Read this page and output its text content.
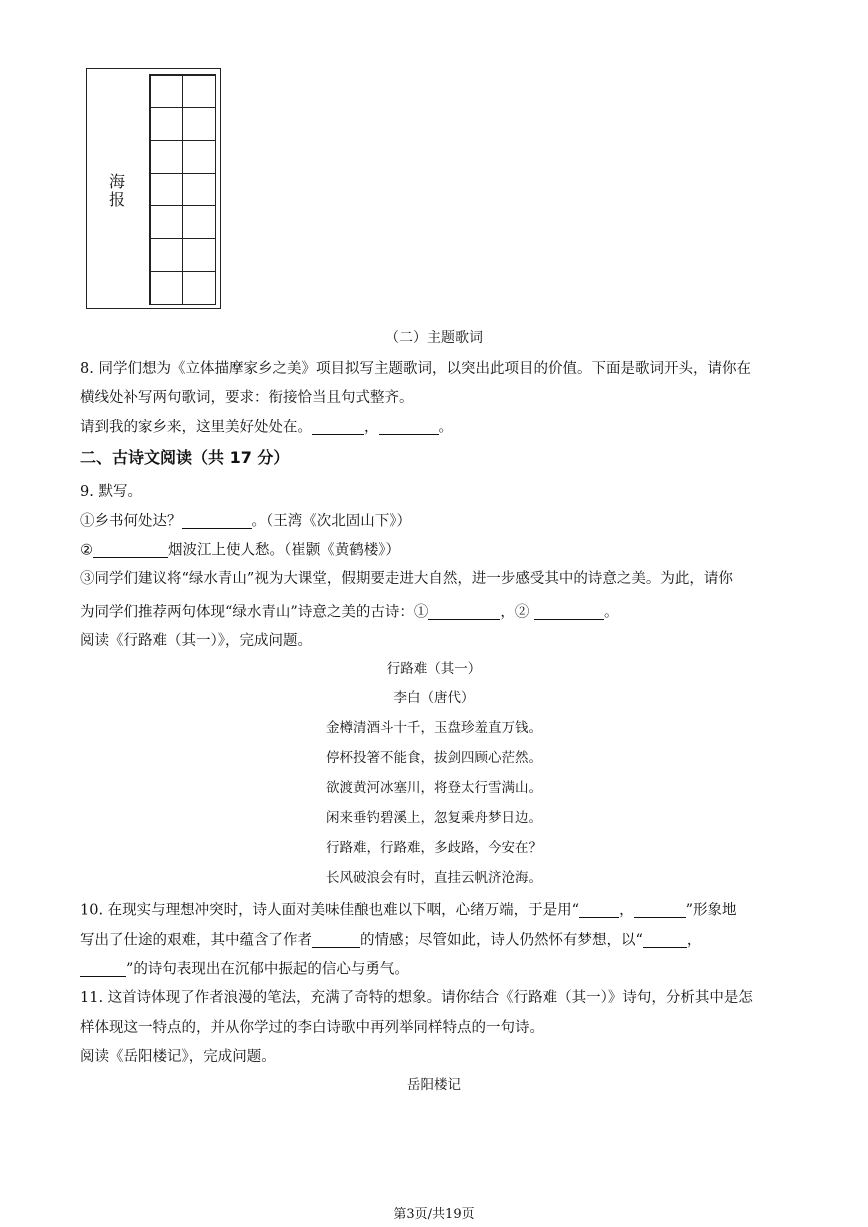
海
报
（二）主题歌词
8. 同学们想为《立体描摩家乡之美》项目拟写主题歌词，以突出此项目的价值。下面是歌词开头，请你在
横线处补写两句歌词，要求：衔接恰当且句式整齐。
请到我的家乡来，这里美好处处在。	，	。
二、古诗文阅读（共 17 分）
9. 默写。
①乡书何处达？	。（王湾《次北固山下》）
②	烟波江上使人愁。（崔颢《黄鹤楼》）
③同学们建议将“绿水青山”视为大课堂，假期要走进大自然，进一步感受其中的诗意之美。为此，请你
为同学们推荐两句体现“绿水青山”诗意之美的古诗：①	，②	。
阅读《行路难（其一）》，完成问题。
行路难（其一）
李白（唐代）
金樽清酒斗十千，玉盘珍羞直万钱。
停杯投箸不能食，拔剑四顾心茫然。
欲渡黄河冰塞川，将登太行雪满山。
闲来垂钓碧溪上，忽复乘舟梦日边。
行路难，行路难，多歧路，今安在？
长风破浪会有时，直挂云帆济沧海。
10. 在现实与理想冲突时，诗人面对美味佳酿也难以下咽，心绪万端，于是用“	，	”形象地
写出了仕途的艰难，其中蕴含了作者	的情感；尽管如此，诗人仍然怀有梦想，以“	，
”的诗句表现出在沉郁中振起的信心与勇气。
11. 这首诗体现了作者浪漫的笔法，充满了奇特的想象。请你结合《行路难（其一）》诗句，分析其中是怎
样体现这一特点的，并从你学过的李白诗歌中再列举同样特点的一句诗。
阅读《岳阳楼记》，完成问题。
岳阳楼记
第3页/共19页
